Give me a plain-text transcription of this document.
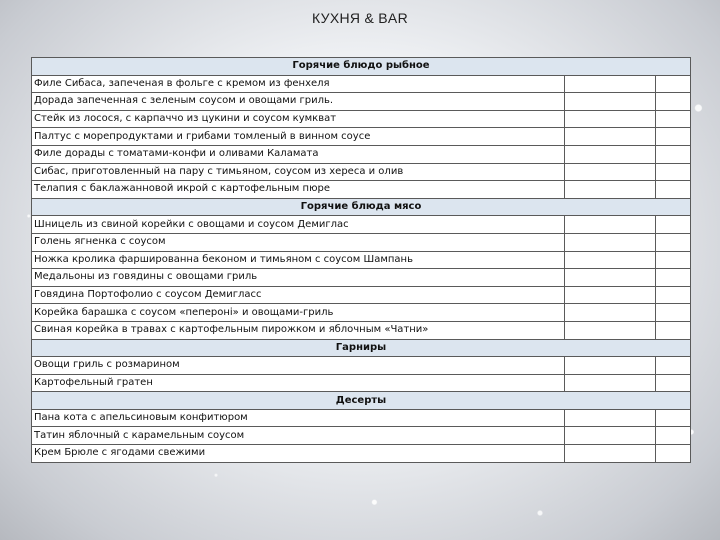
КУХНЯ & BAR
Горячие блюдо рыбное		
Филе Сибаса, запеченая в фольге с кремом из фенхеля		
Дорада запеченная с зеленым соусом и овощами гриль.		
Стейк из лосося, с карпаччо из цукини и соусом кумкват		
Палтус с морепродуктами и грибами томленый в винном соусе		
Филе дорады с томатами-конфи и оливами Каламата		
Сибас, приготовленный на пару с тимьяном, соусом из хереса и олив		
Телапия с баклажанновой икрой с картофельным пюре		
Горячие блюда мясо		
Шницель из свиной корейки с овощами и соусом Демиглас		
Голень ягненка с соусом		
Ножка кролика фаршированна беконом и тимьяном с соусом Шампань		
Медальоны из говядины с овощами гриль		
Говядина Портофолио с соусом Демигласс		
Корейка барашка с соусом «пепероні» и овощами-гриль		
Свиная корейка в травах с картофельным пирожком и яблочным «Чатни»		
Гарниры		
Овощи гриль с розмарином		
Картофельный гратен		
Десерты		
Пана кота с апельсиновым конфитюром		
Татин яблочный с карамельным соусом		
Крем Брюле с ягодами свежими		
